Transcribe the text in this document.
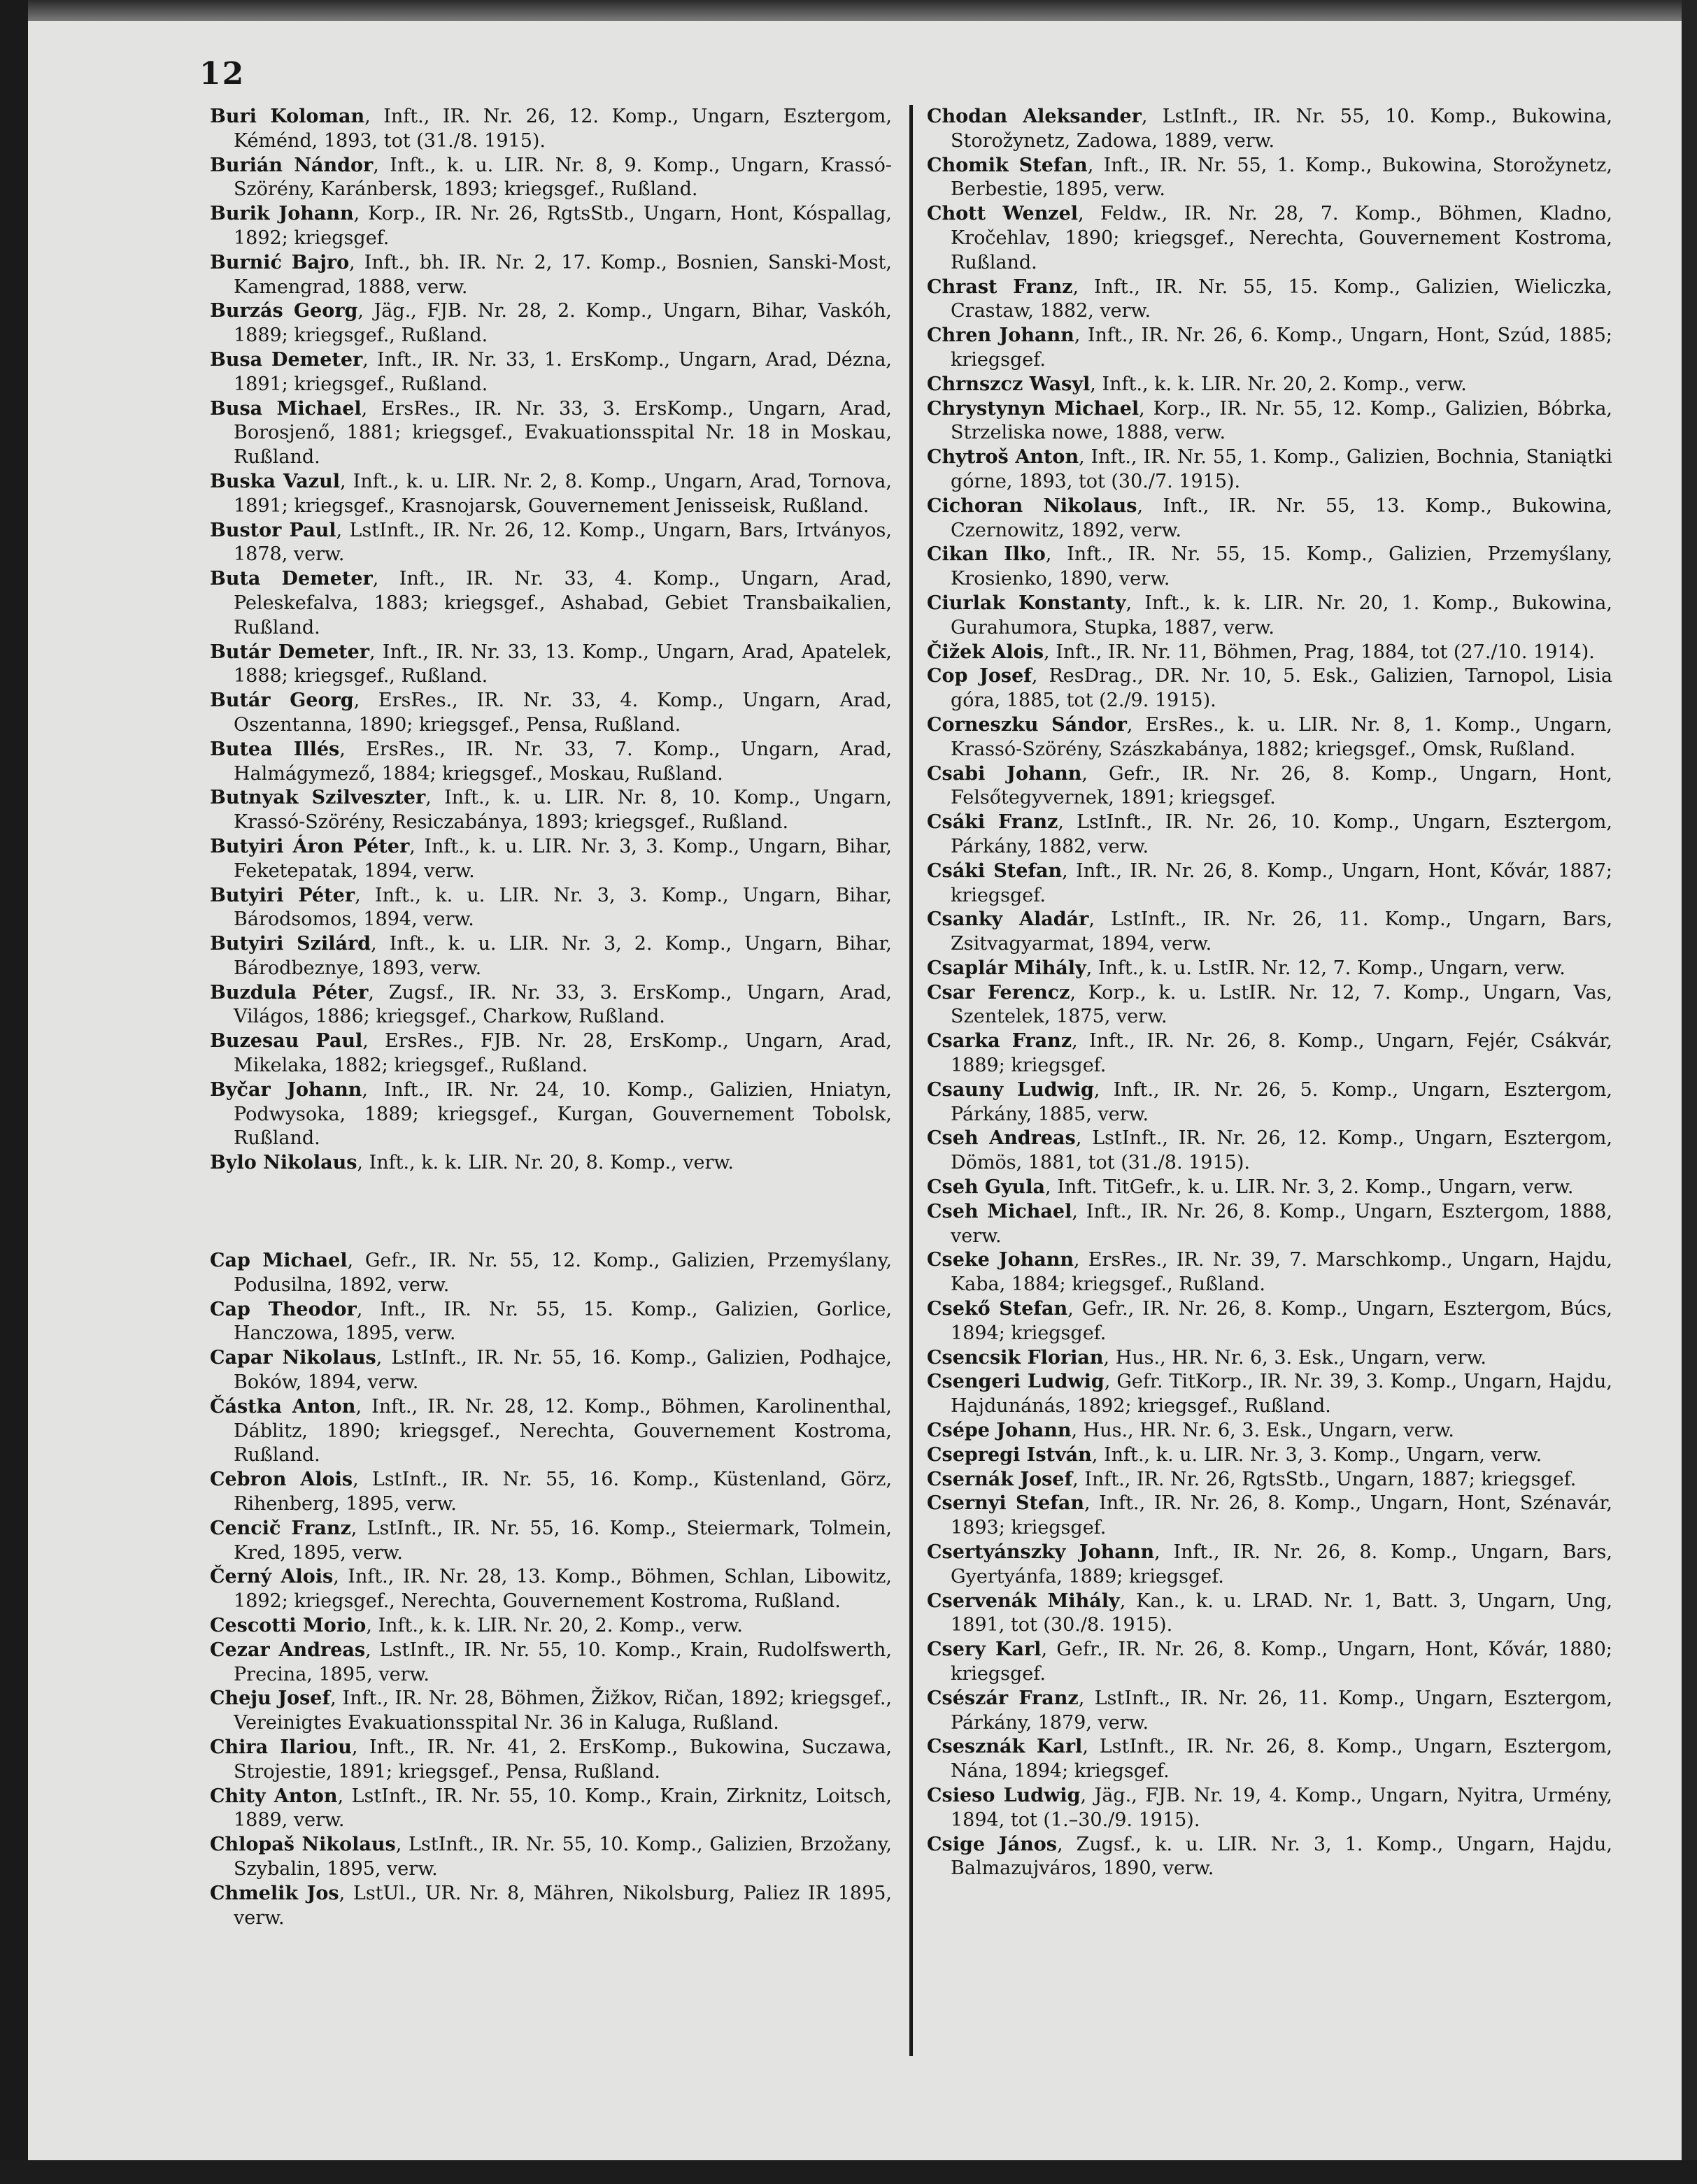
12

Buri Koloman, Inft., IR. Nr. 26, 12. Komp., Ungarn, Esztergom, Kéménd, 1893, tot (31./8. 1915).

Burián Nándor, Inft., k. u. LIR. Nr. 8, 9. Komp., Ungarn, Krassó-Szörény, Karánbersk, 1893; kriegsgef., Rußland.

Burik Johann, Korp., IR. Nr. 26, RgtsStb., Ungarn, Hont, Kóspallag, 1892; kriegsgef.

Burnić Bajro, Inft., bh. IR. Nr. 2, 17. Komp., Bosnien, Sanski-Most, Kamengrad, 1888, verw.

Burzás Georg, Jäg., FJB. Nr. 28, 2. Komp., Ungarn, Bihar, Vaskóh, 1889; kriegsgef., Rußland.

Busa Demeter, Inft., IR. Nr. 33, 1. ErsKomp., Ungarn, Arad, Dézna, 1891; kriegsgef., Rußland.

Busa Michael, ErsRes., IR. Nr. 33, 3. ErsKomp., Ungarn, Arad, Borosjenő, 1881; kriegsgef., Evakuationsspital Nr. 18 in Moskau, Rußland.

Buska Vazul, Inft., k. u. LIR. Nr. 2, 8. Komp., Ungarn, Arad, Tornova, 1891; kriegsgef., Krasnojarsk, Gouvernement Jenisseisk, Rußland.

Bustor Paul, LstInft., IR. Nr. 26, 12. Komp., Ungarn, Bars, Irtványos, 1878, verw.

Buta Demeter, Inft., IR. Nr. 33, 4. Komp., Ungarn, Arad, Peleskefalva, 1883; kriegsgef., Ashabad, Gebiet Transbaikalien, Rußland.

Butár Demeter, Inft., IR. Nr. 33, 13. Komp., Ungarn, Arad, Apatelek, 1888; kriegsgef., Rußland.

Butár Georg, ErsRes., IR. Nr. 33, 4. Komp., Ungarn, Arad, Oszentanna, 1890; kriegsgef., Pensa, Rußland.

Butea Illés, ErsRes., IR. Nr. 33, 7. Komp., Ungarn, Arad, Halmágymező, 1884; kriegsgef., Moskau, Rußland.

Butnyak Szilveszter, Inft., k. u. LIR. Nr. 8, 10. Komp., Ungarn, Krassó-Szörény, Resiczabánya, 1893; kriegsgef., Rußland.

Butyiri Áron Péter, Inft., k. u. LIR. Nr. 3, 3. Komp., Ungarn, Bihar, Feketepatak, 1894, verw.

Butyiri Péter, Inft., k. u. LIR. Nr. 3, 3. Komp., Ungarn, Bihar, Bárodsomos, 1894, verw.

Butyiri Szilárd, Inft., k. u. LIR. Nr. 3, 2. Komp., Ungarn, Bihar, Bárodbeznye, 1893, verw.

Buzdula Péter, Zugsf., IR. Nr. 33, 3. ErsKomp., Ungarn, Arad, Világos, 1886; kriegsgef., Charkow, Rußland.

Buzesau Paul, ErsRes., FJB. Nr. 28, ErsKomp., Ungarn, Arad, Mikelaka, 1882; kriegsgef., Rußland.

Byčar Johann, Inft., IR. Nr. 24, 10. Komp., Galizien, Hniatyn, Podwysoka, 1889; kriegsgef., Kurgan, Gouvernement Tobolsk, Rußland.

Bylo Nikolaus, Inft., k. k. LIR. Nr. 20, 8. Komp., verw.

Cap Michael, Gefr., IR. Nr. 55, 12. Komp., Galizien, Przemyślany, Podusilna, 1892, verw.

Cap Theodor, Inft., IR. Nr. 55, 15. Komp., Galizien, Gorlice, Hanczowa, 1895, verw.

Capar Nikolaus, LstInft., IR. Nr. 55, 16. Komp., Galizien, Podhajce, Boków, 1894, verw.

Částka Anton, Inft., IR. Nr. 28, 12. Komp., Böhmen, Karolinenthal, Dáblitz, 1890; kriegsgef., Nerechta, Gouvernement Kostroma, Rußland.

Cebron Alois, LstInft., IR. Nr. 55, 16. Komp., Küstenland, Görz, Rihenberg, 1895, verw.

Cencič Franz, LstInft., IR. Nr. 55, 16. Komp., Steiermark, Tolmein, Kred, 1895, verw.

Černý Alois, Inft., IR. Nr. 28, 13. Komp., Böhmen, Schlan, Libowitz, 1892; kriegsgef., Nerechta, Gouvernement Kostroma, Rußland.

Cescotti Morio, Inft., k. k. LIR. Nr. 20, 2. Komp., verw.

Cezar Andreas, LstInft., IR. Nr. 55, 10. Komp., Krain, Rudolfswerth, Precina, 1895, verw.

Cheju Josef, Inft., IR. Nr. 28, Böhmen, Žižkov, Ričan, 1892; kriegsgef., Vereinigtes Evakuationsspital Nr. 36 in Kaluga, Rußland.

Chira Ilariou, Inft., IR. Nr. 41, 2. ErsKomp., Bukowina, Suczawa, Strojestie, 1891; kriegsgef., Pensa, Rußland.

Chity Anton, LstInft., IR. Nr. 55, 10. Komp., Krain, Zirknitz, Loitsch, 1889, verw.

Chlopaš Nikolaus, LstInft., IR. Nr. 55, 10. Komp., Galizien, Brzožany, Szybalin, 1895, verw.

Chmelik Jos, LstUl., UR. Nr. 8, Mähren, Nikolsburg, Paliez IR 1895, verw.

Chodan Aleksander, LstInft., IR. Nr. 55, 10. Komp., Bukowina, Storožynetz, Zadowa, 1889, verw.

Chomik Stefan, Inft., IR. Nr. 55, 1. Komp., Bukowina, Storožynetz, Berbestie, 1895, verw.

Chott Wenzel, Feldw., IR. Nr. 28, 7. Komp., Böhmen, Kladno, Kročehlav, 1890; kriegsgef., Nerechta, Gouvernement Kostroma, Rußland.

Chrast Franz, Inft., IR. Nr. 55, 15. Komp., Galizien, Wieliczka, Crastaw, 1882, verw.

Chren Johann, Inft., IR. Nr. 26, 6. Komp., Ungarn, Hont, Szúd, 1885; kriegsgef.

Chrnszcz Wasyl, Inft., k. k. LIR. Nr. 20, 2. Komp., verw.

Chrystynyn Michael, Korp., IR. Nr. 55, 12. Komp., Galizien, Bóbrka, Strzeliska nowe, 1888, verw.

Chytroš Anton, Inft., IR. Nr. 55, 1. Komp., Galizien, Bochnia, Staniątki górne, 1893, tot (30./7. 1915).

Cichoran Nikolaus, Inft., IR. Nr. 55, 13. Komp., Bukowina, Czernowitz, 1892, verw.

Cikan Ilko, Inft., IR. Nr. 55, 15. Komp., Galizien, Przemyślany, Krosienko, 1890, verw.

Ciurlak Konstanty, Inft., k. k. LIR. Nr. 20, 1. Komp., Bukowina, Gurahumora, Stupka, 1887, verw.

Čižek Alois, Inft., IR. Nr. 11, Böhmen, Prag, 1884, tot (27./10. 1914).

Cop Josef, ResDrag., DR. Nr. 10, 5. Esk., Galizien, Tarnopol, Lisia góra, 1885, tot (2./9. 1915).

Corneszku Sándor, ErsRes., k. u. LIR. Nr. 8, 1. Komp., Ungarn, Krassó-Szörény, Szászkabánya, 1882; kriegsgef., Omsk, Rußland.

Csabi Johann, Gefr., IR. Nr. 26, 8. Komp., Ungarn, Hont, Felsőtegyvernek, 1891; kriegsgef.

Csáki Franz, LstInft., IR. Nr. 26, 10. Komp., Ungarn, Esztergom, Párkány, 1882, verw.

Csáki Stefan, Inft., IR. Nr. 26, 8. Komp., Ungarn, Hont, Kővár, 1887; kriegsgef.

Csanky Aladár, LstInft., IR. Nr. 26, 11. Komp., Ungarn, Bars, Zsitvagyarmat, 1894, verw.

Csaplár Mihály, Inft., k. u. LstIR. Nr. 12, 7. Komp., Ungarn, verw.

Csar Ferencz, Korp., k. u. LstIR. Nr. 12, 7. Komp., Ungarn, Vas, Szentelek, 1875, verw.

Csarka Franz, Inft., IR. Nr. 26, 8. Komp., Ungarn, Fejér, Csákvár, 1889; kriegsgef.

Csauny Ludwig, Inft., IR. Nr. 26, 5. Komp., Ungarn, Esztergom, Párkány, 1885, verw.

Cseh Andreas, LstInft., IR. Nr. 26, 12. Komp., Ungarn, Esztergom, Dömös, 1881, tot (31./8. 1915).

Cseh Gyula, Inft. TitGefr., k. u. LIR. Nr. 3, 2. Komp., Ungarn, verw.

Cseh Michael, Inft., IR. Nr. 26, 8. Komp., Ungarn, Esztergom, 1888, verw.

Cseke Johann, ErsRes., IR. Nr. 39, 7. Marschkomp., Ungarn, Hajdu, Kaba, 1884; kriegsgef., Rußland.

Csekő Stefan, Gefr., IR. Nr. 26, 8. Komp., Ungarn, Esztergom, Búcs, 1894; kriegsgef.

Csencsik Florian, Hus., HR. Nr. 6, 3. Esk., Ungarn, verw.

Csengeri Ludwig, Gefr. TitKorp., IR. Nr. 39, 3. Komp., Ungarn, Hajdu, Hajdunánás, 1892; kriegsgef., Rußland.

Csépe Johann, Hus., HR. Nr. 6, 3. Esk., Ungarn, verw.

Csepregi István, Inft., k. u. LIR. Nr. 3, 3. Komp., Ungarn, verw.

Csernák Josef, Inft., IR. Nr. 26, RgtsStb., Ungarn, 1887; kriegsgef.

Csernyi Stefan, Inft., IR. Nr. 26, 8. Komp., Ungarn, Hont, Szénavár, 1893; kriegsgef.

Csertyánszky Johann, Inft., IR. Nr. 26, 8. Komp., Ungarn, Bars, Gyertyánfa, 1889; kriegsgef.

Cservenák Mihály, Kan., k. u. LRAD. Nr. 1, Batt. 3, Ungarn, Ung, 1891, tot (30./8. 1915).

Csery Karl, Gefr., IR. Nr. 26, 8. Komp., Ungarn, Hont, Kővár, 1880; kriegsgef.

Csészár Franz, LstInft., IR. Nr. 26, 11. Komp., Ungarn, Esztergom, Párkány, 1879, verw.

Csesznák Karl, LstInft., IR. Nr. 26, 8. Komp., Ungarn, Esztergom, Nána, 1894; kriegsgef.

Csieso Ludwig, Jäg., FJB. Nr. 19, 4. Komp., Ungarn, Nyitra, Urmény, 1894, tot (1.–30./9. 1915).

Csige János, Zugsf., k. u. LIR. Nr. 3, 1. Komp., Ungarn, Hajdu, Balmazujváros, 1890, verw.
